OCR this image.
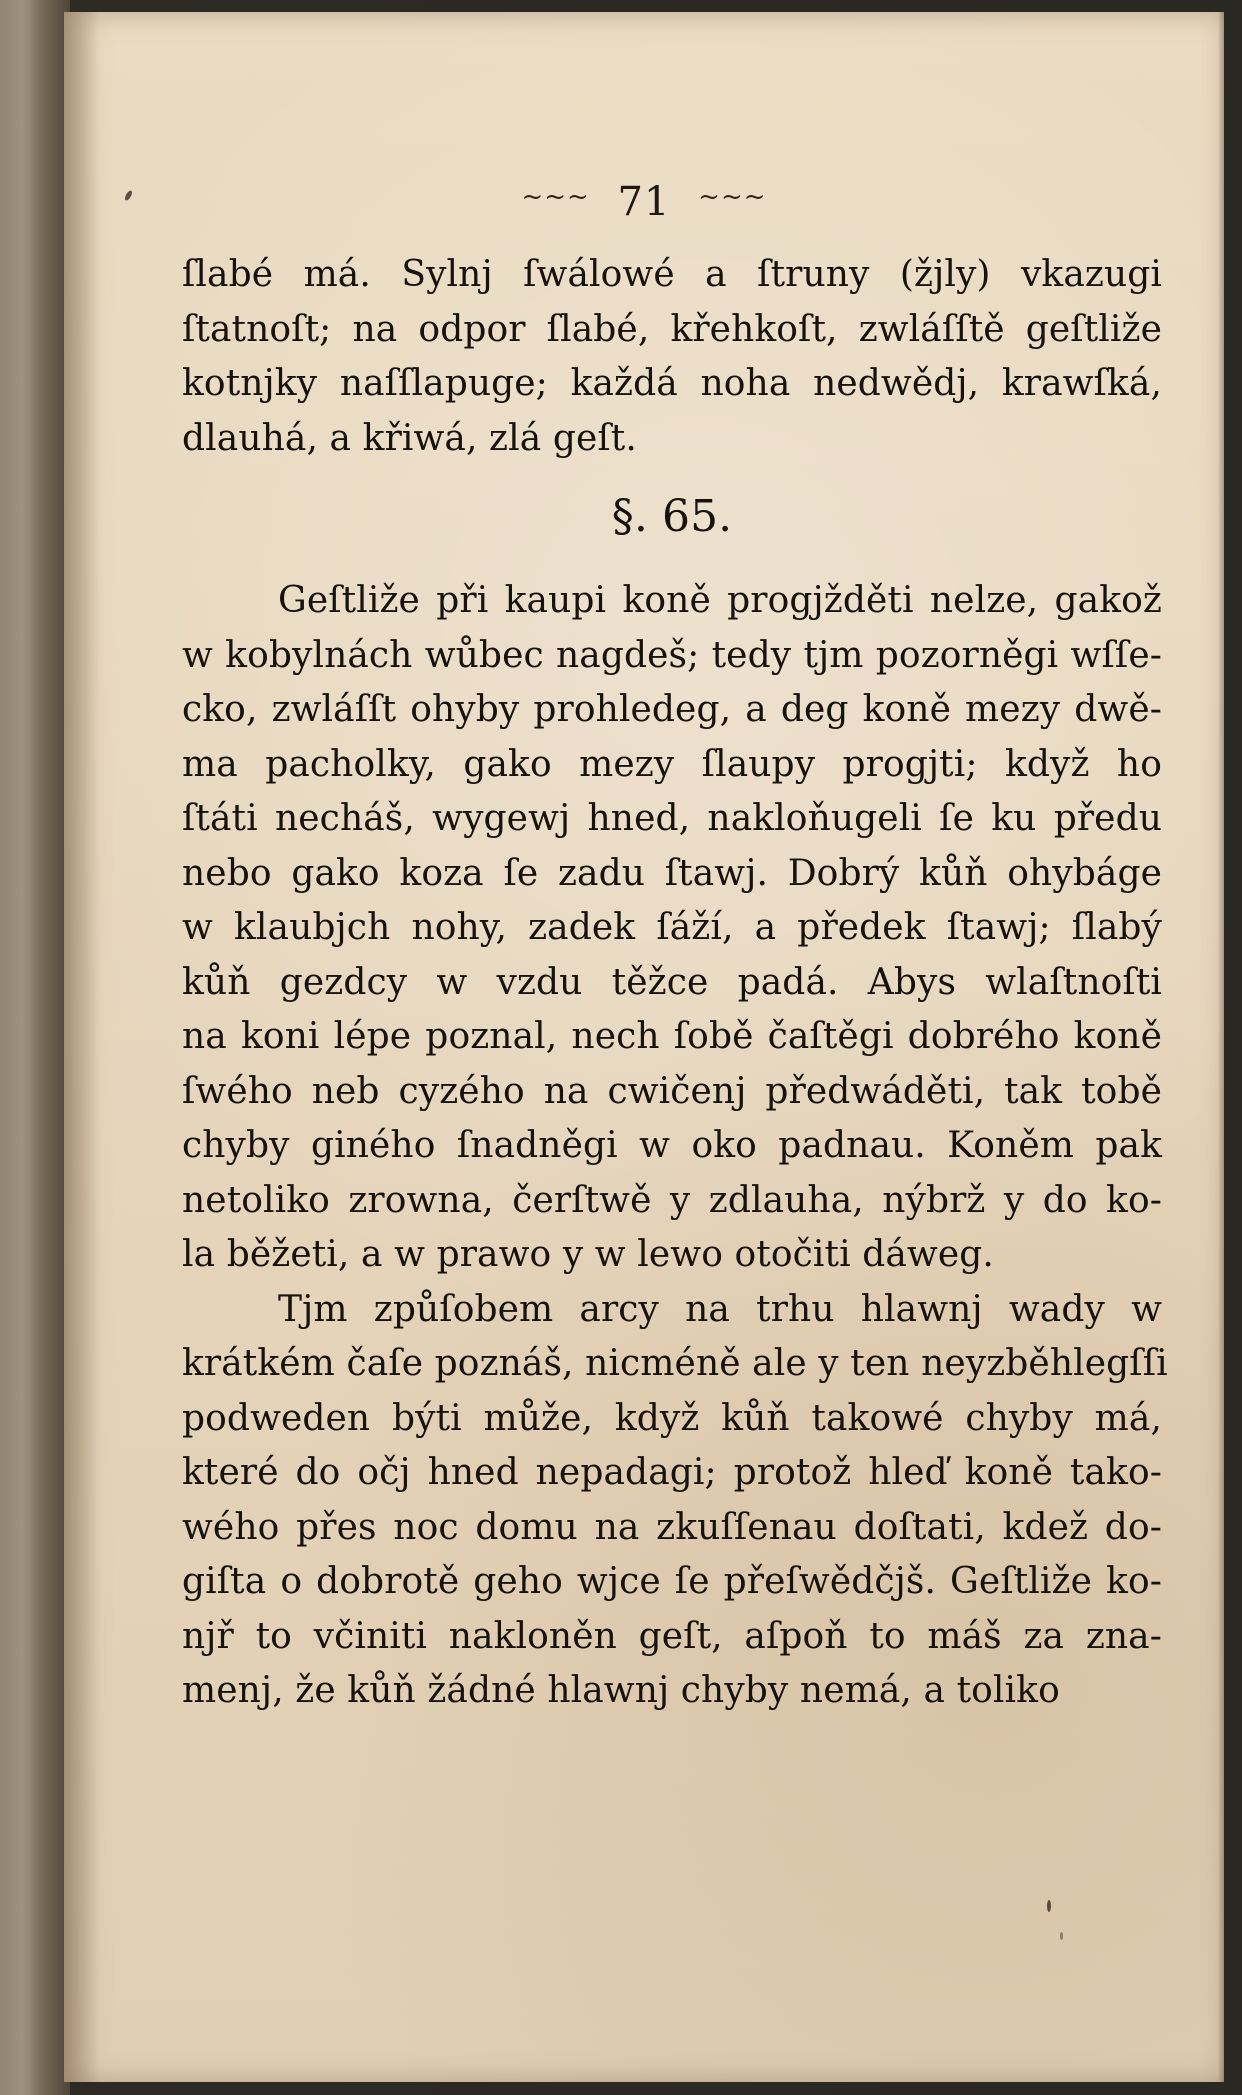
~~~ 71 ~~~

ſlabé má. Sylnj ſwálowé a ſtruny (žjly) vkazugi

ſtatnoſt; na odpor ſlabé, křehkoſt, zwláſſtě geſtliže

kotnjky naſſlapuge; každá noha nedwědj, krawſká,

dlauhá, a křiwá, zlá geſt.

§. 65.

Geſtliže při kaupi koně progjžděti nelze, gakož

w kobylnách wůbec nagdeš; tedy tjm pozorněgi wſſe-

cko, zwláſſt ohyby prohledeg, a deg koně mezy dwě-

ma pacholky, gako mezy ſlaupy progjti; když ho

ſtáti necháš, wygewj hned, nakloňugeli ſe ku předu

nebo gako koza ſe zadu ſtawj. Dobrý kůň ohybáge

w klaubjch nohy, zadek ſáží, a předek ſtawj; ſlabý

kůň gezdcy w vzdu těžce padá. Abys wlaſtnoſti

na koni lépe poznal, nech ſobě čaſtěgi dobrého koně

ſwého neb cyzého na cwičenj předwáděti, tak tobě

chyby giného ſnadněgi w oko padnau. Koněm pak

netoliko zrowna, čerſtwě y zdlauha, nýbrž y do ko-

la běžeti, a w prawo y w lewo otočiti dáweg.

Tjm způſobem arcy na trhu hlawnj wady w

krátkém čaſe poznáš, nicméně ale y ten neyzběhlegſſi

podweden býti může, když kůň takowé chyby má,

které do očj hned nepadagi; protož hleď koně tako-

wého přes noc domu na zkuſſenau doſtati, kdež do-

giſta o dobrotě geho wjce ſe přeſwědčjš. Geſtliže ko-

njř to včiniti nakloněn geſt, aſpoň to máš za zna-

menj, že kůň žádné hlawnj chyby nemá, a toliko
